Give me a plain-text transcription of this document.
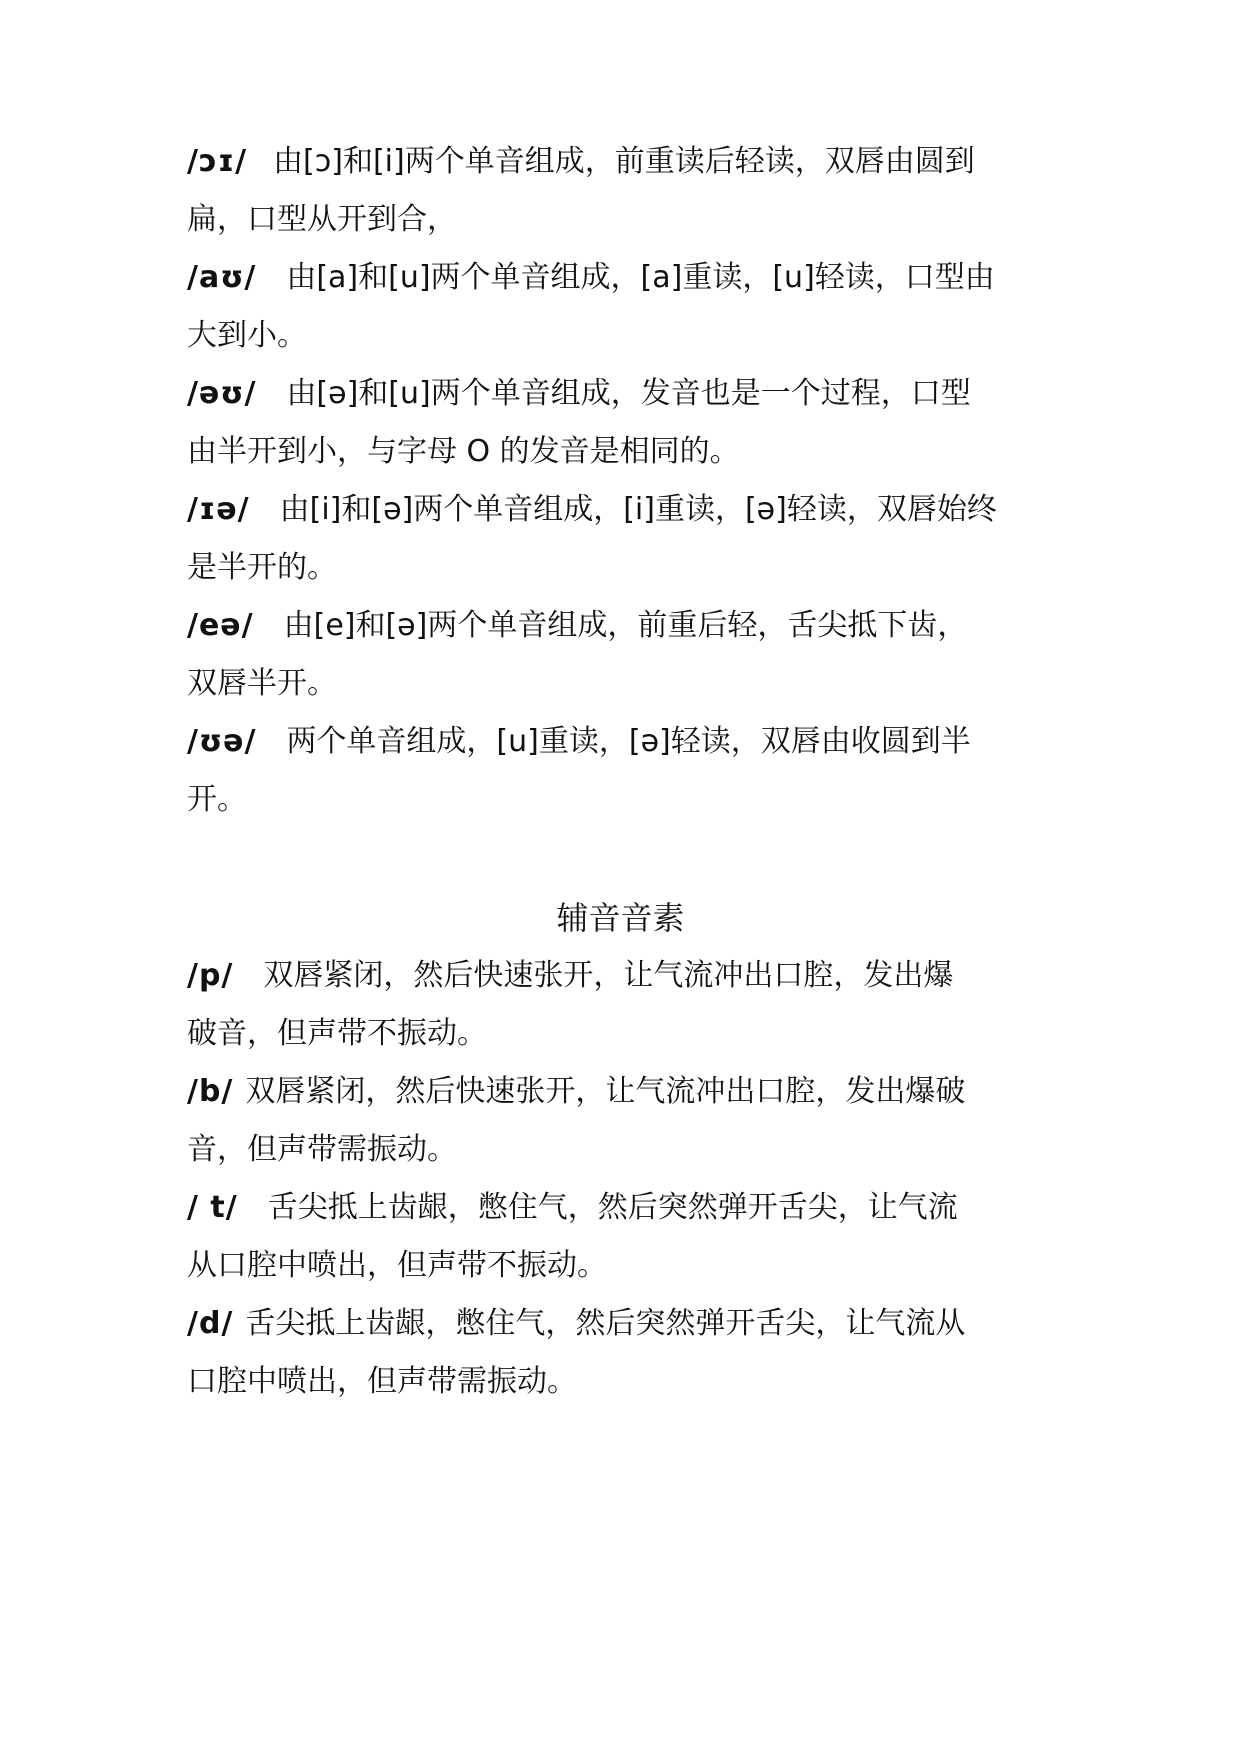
/ɔɪ/ 由[ɔ]和[i]两个单音组成，前重读后轻读，双唇由圆到
扁，口型从开到合，
/aʊ/ 由[a]和[u]两个单音组成，[a]重读，[u]轻读，口型由
大到小。
/əʊ/ 由[ə]和[u]两个单音组成，发音也是一个过程，口型
由半开到小，与字母 O 的发音是相同的。
/ɪə/ 由[i]和[ə]两个单音组成，[i]重读，[ə]轻读，双唇始终
是半开的。
/eə/ 由[e]和[ə]两个单音组成，前重后轻，舌尖抵下齿，
双唇半开。
/ʊə/ 两个单音组成，[u]重读，[ə]轻读，双唇由收圆到半
开。
辅音音素
/p/ 双唇紧闭，然后快速张开，让气流冲出口腔，发出爆
破音，但声带不振动。
/b/ 双唇紧闭，然后快速张开，让气流冲出口腔，发出爆破
音，但声带需振动。
/ t/ 舌尖抵上齿龈，憋住气，然后突然弹开舌尖，让气流
从口腔中喷出，但声带不振动。
/d/ 舌尖抵上齿龈，憋住气，然后突然弹开舌尖，让气流从
口腔中喷出，但声带需振动。
